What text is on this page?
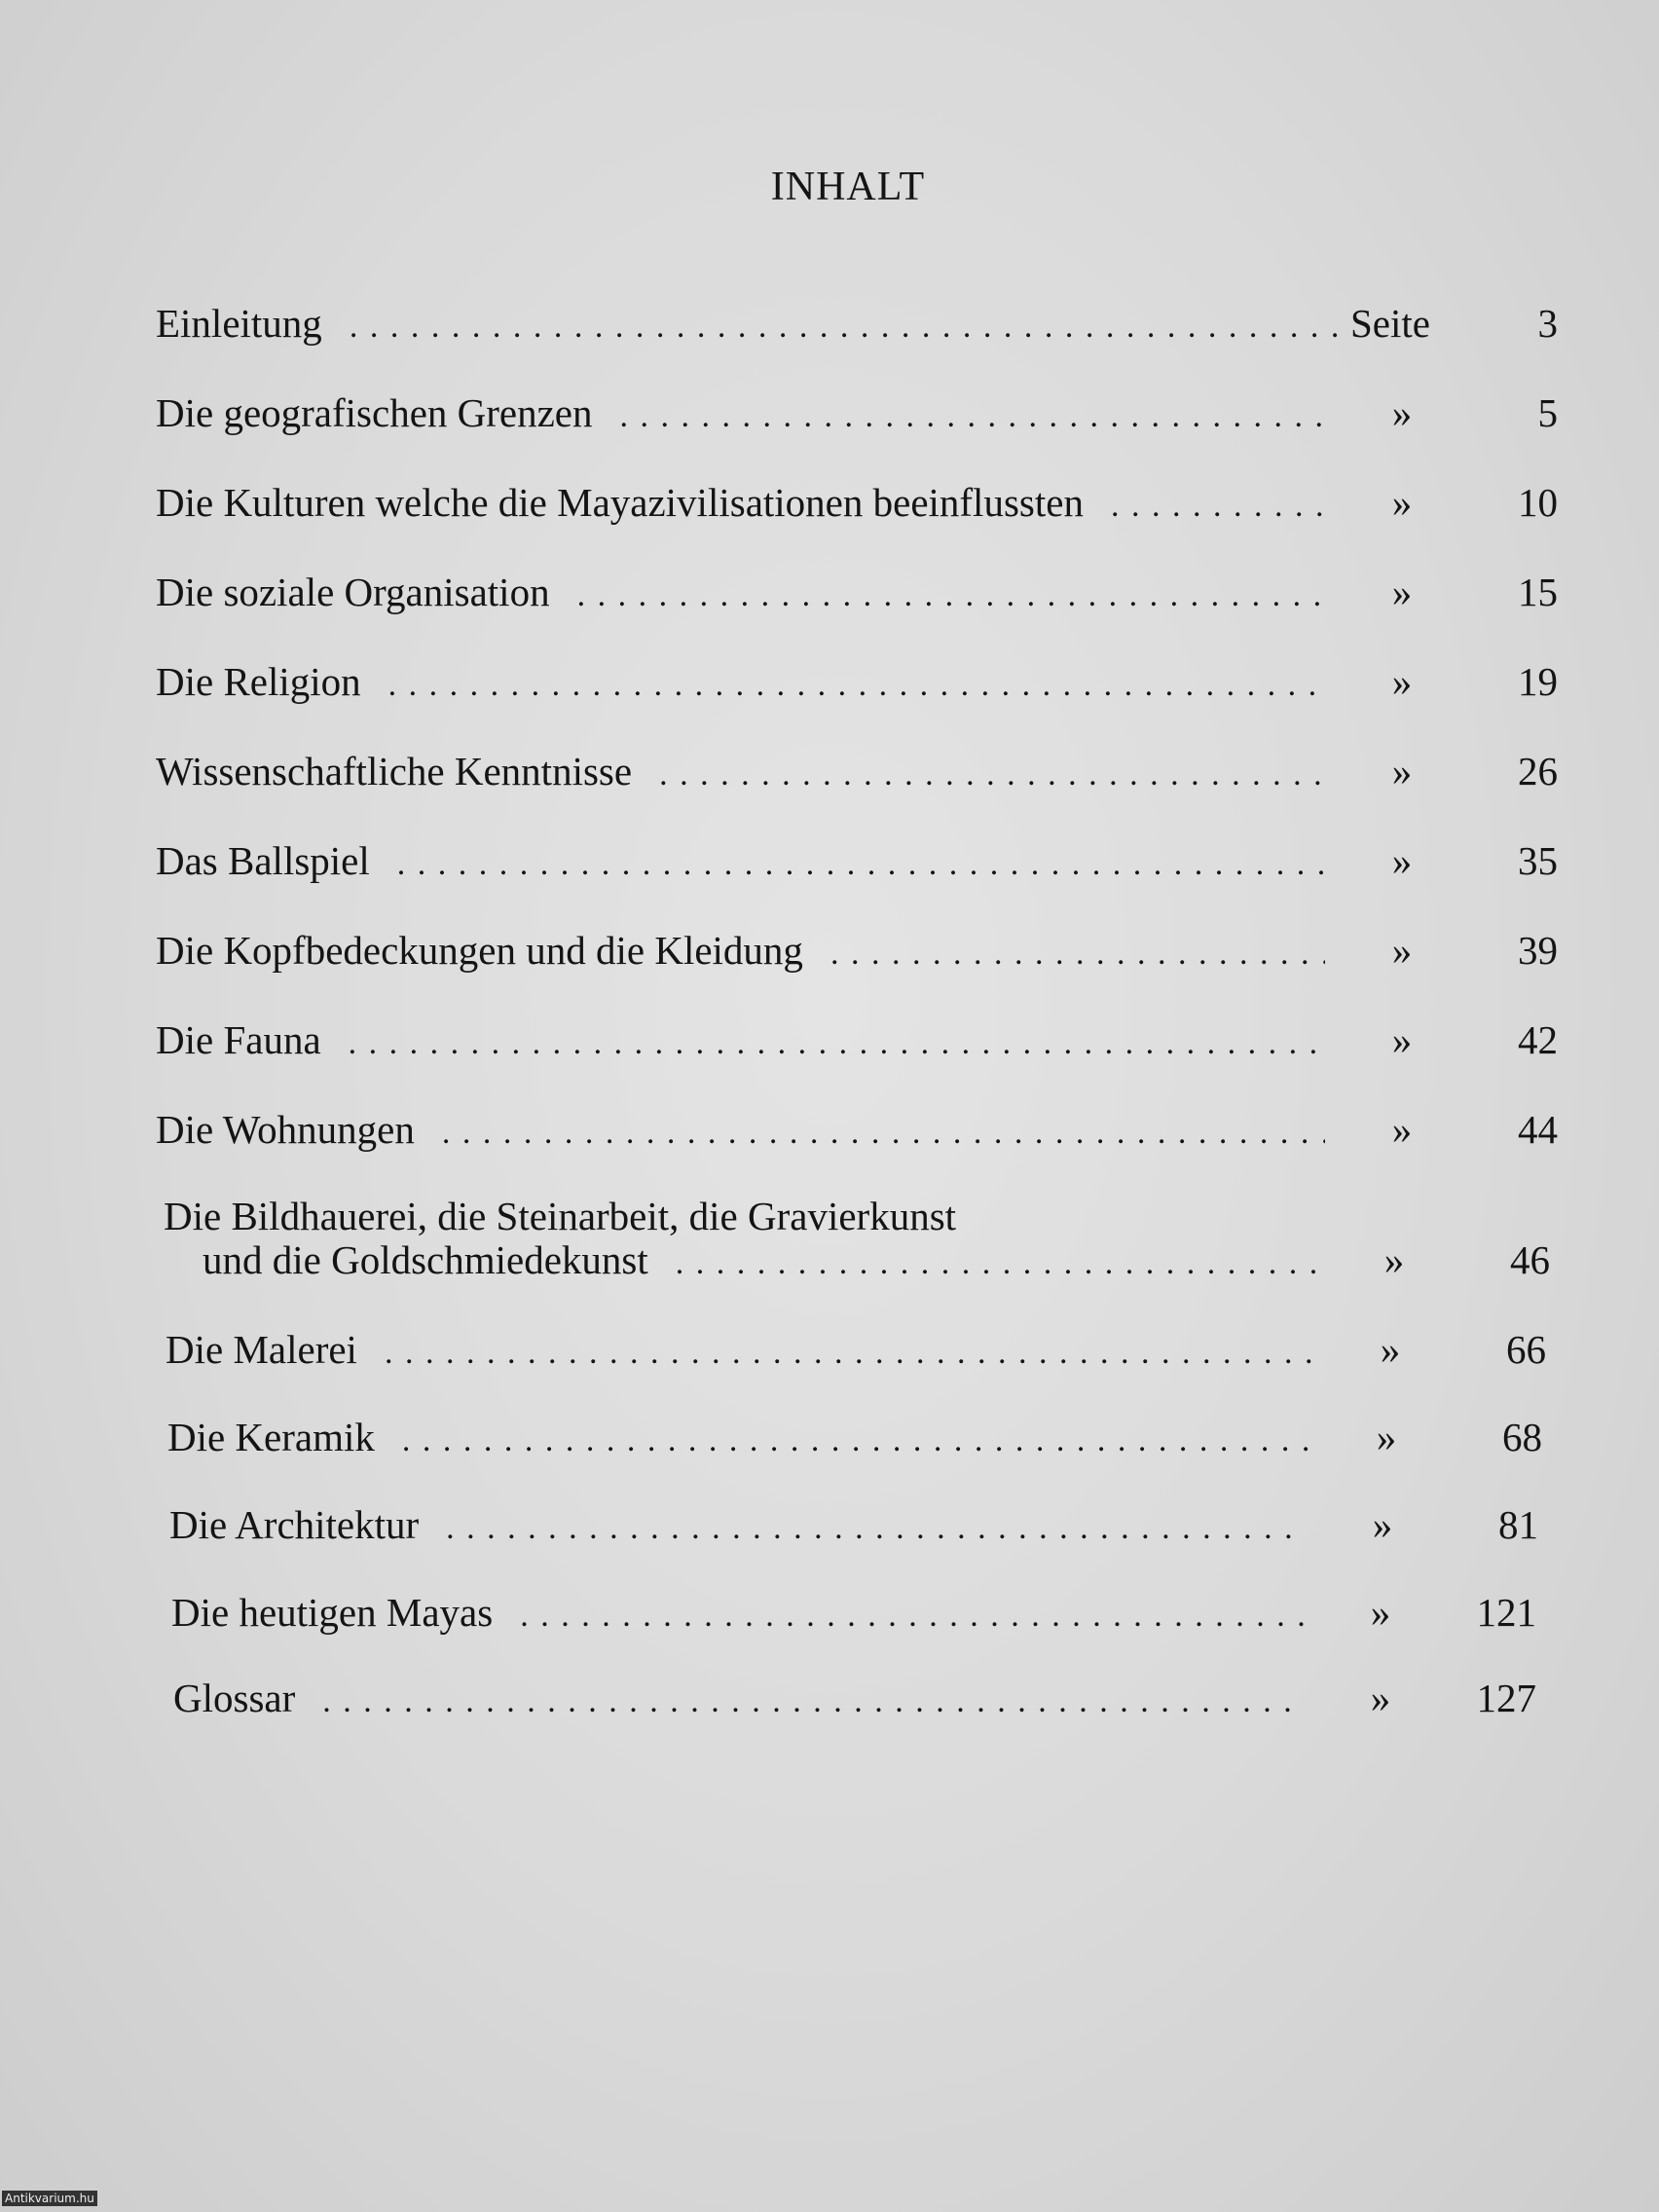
INHALT
Einleitung . . .	Seite	3
Die geografischen Grenzen . . .	»	5
Die Kulturen welche die Mayazivilisationen beeinflussten . . .	»	10
Die soziale Organisation . . .	»	15
Die Religion . . .	»	19
Wissenschaftliche Kenntnisse . . .	»	26
Das Ballspiel . . .	»	35
Die Kopfbedeckungen und die Kleidung . . .	»	39
Die Fauna . . .	»	42
Die Wohnungen . . .	»	44
Die Bildhauerei, die Steinarbeit, die Gravierkunst
und die Goldschmiedekunst . . .	»	46
Die Malerei . . .	»	66
Die Keramik . . .	»	68
Die Architektur . . .	»	81
Die heutigen Mayas . . .	»	121
Glossar . . .	»	127
Antikvarium.hu
